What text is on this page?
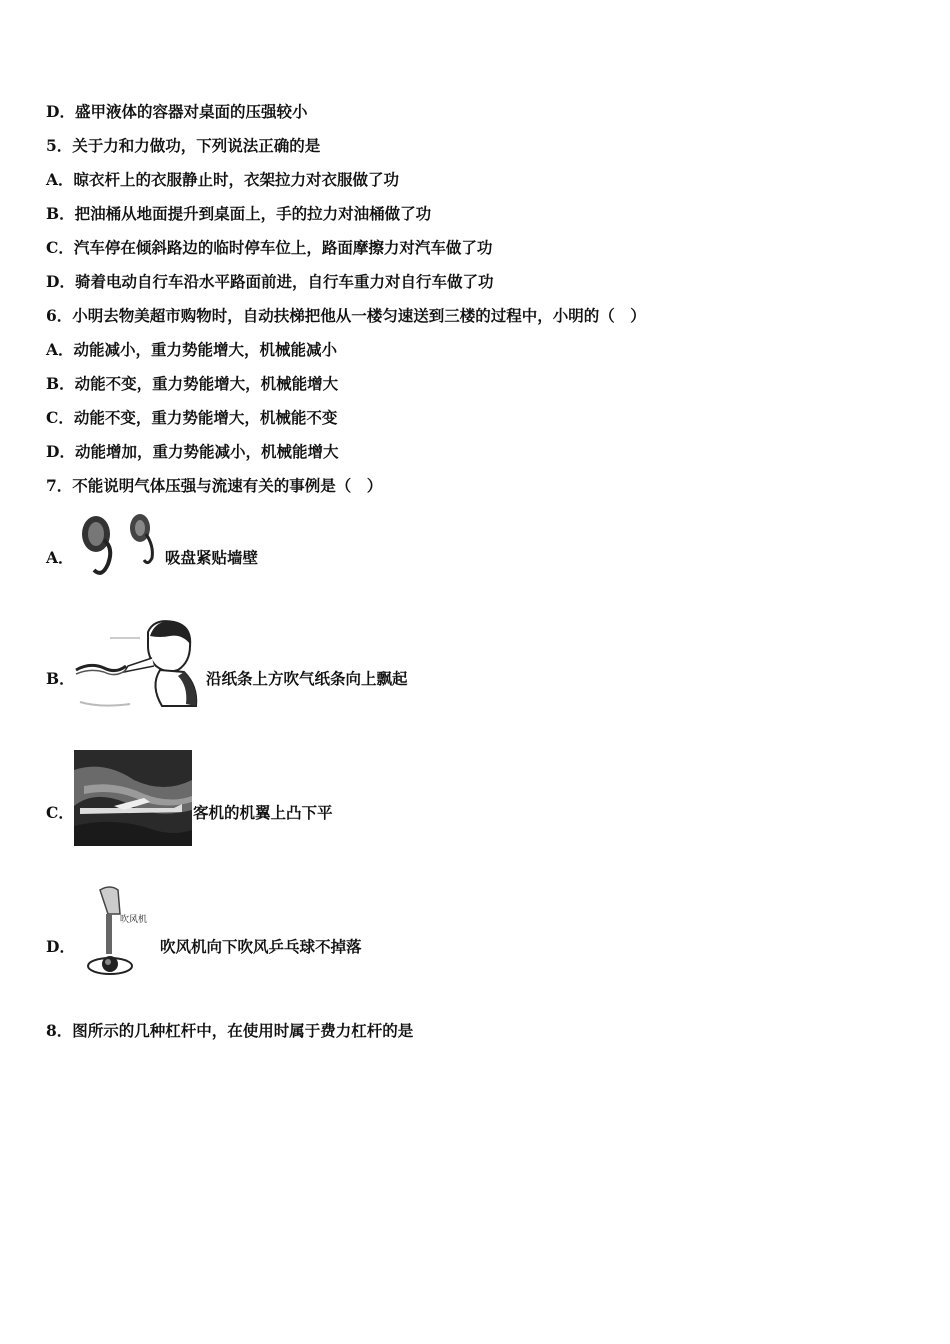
D．盛甲液体的容器对桌面的压强较小
5．关于力和力做功，下列说法正确的是
A．晾衣杆上的衣服静止时，衣架拉力对衣服做了功
B．把油桶从地面提升到桌面上，手的拉力对油桶做了功
C．汽车停在倾斜路边的临时停车位上，路面摩擦力对汽车做了功
D．骑着电动自行车沿水平路面前进，自行车重力对自行车做了功
6．小明去物美超市购物时，自动扶梯把他从一楼匀速送到三楼的过程中，小明的（　）
A．动能减小，重力势能增大，机械能减小
B．动能不变，重力势能增大，机械能增大
C．动能不变，重力势能增大，机械能不变
D．动能增加，重力势能减小，机械能增大
7．不能说明气体压强与流速有关的事例是（　）
A．	吸盘紧贴墙壁
B．	沿纸条上方吹气纸条向上飘起
C．	客机的机翼上凸下平
D．
吹风机
吹风机向下吹风乒乓球不掉落
8．图所示的几种杠杆中，在使用时属于费力杠杆的是
